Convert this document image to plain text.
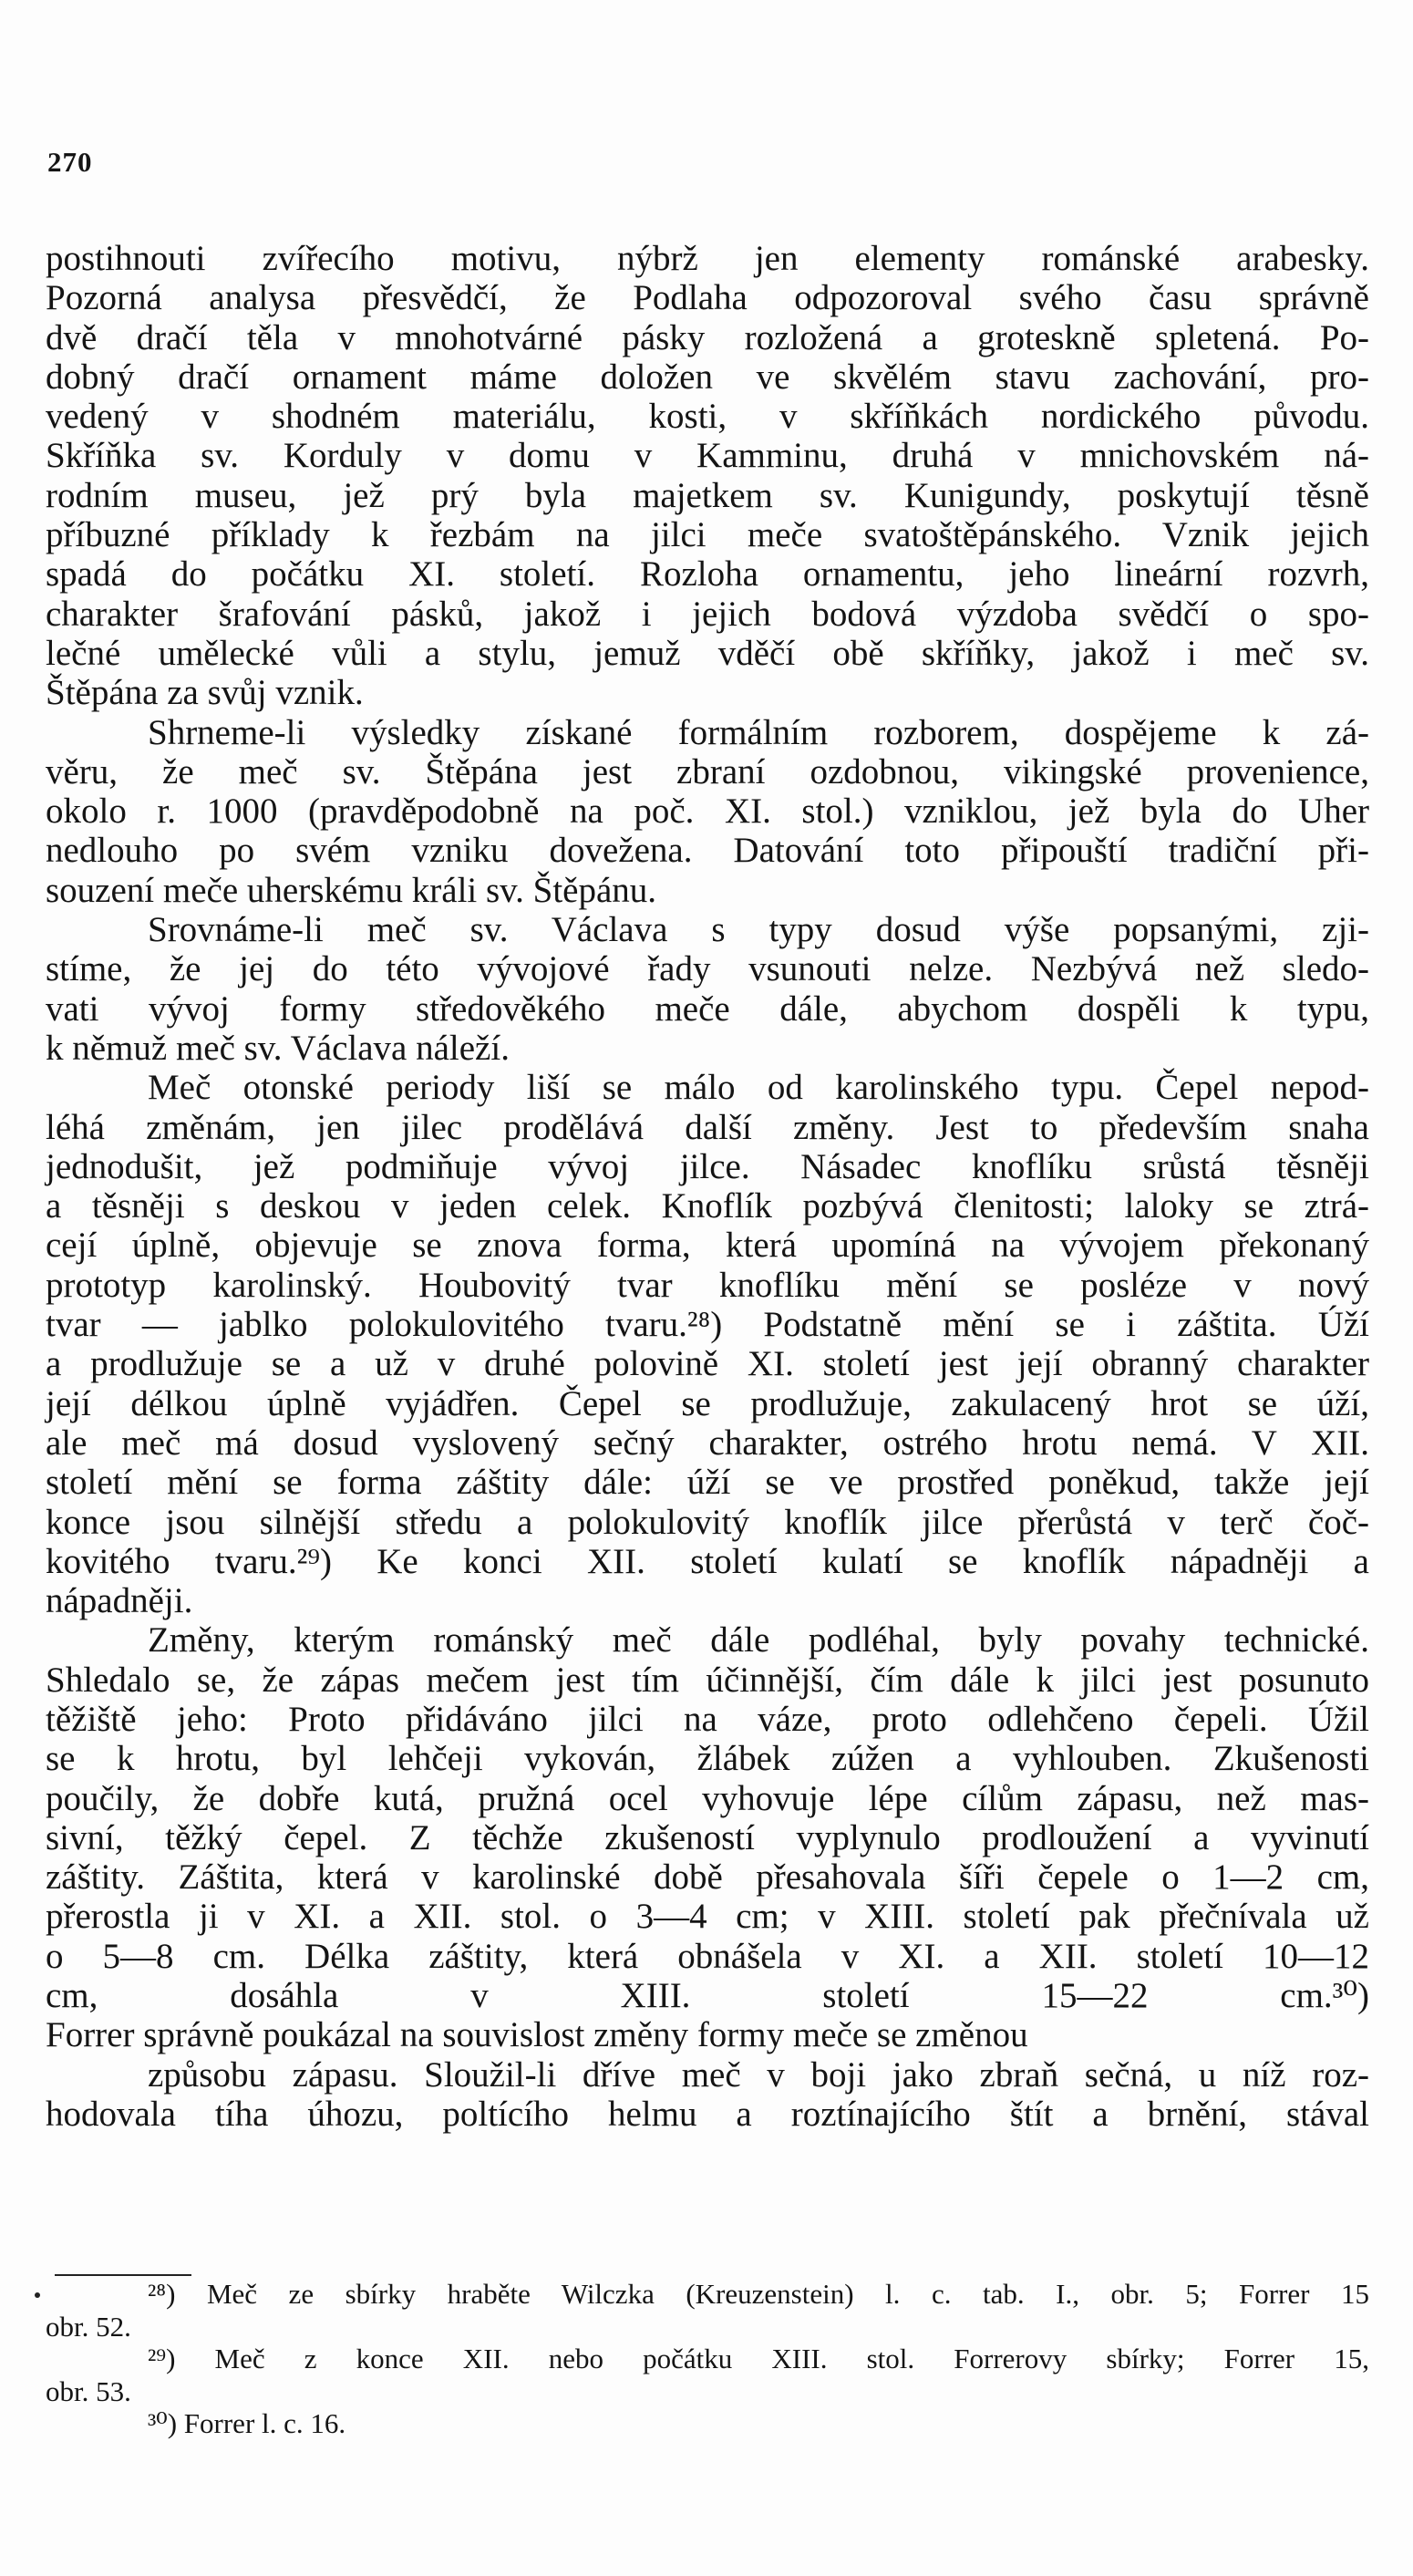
270
postihnouti zvířecího motivu, nýbrž jen elementy románské arabesky.
Pozorná analysa přesvědčí, že Podlaha odpozoroval svého času správně
dvě dračí těla v mnohotvárné pásky rozložená a groteskně spletená. Po-
dobný dračí ornament máme doložen ve skvělém stavu zachování, pro-
vedený v shodném materiálu, kosti, v skříňkách nordického původu.
Skříňka sv. Korduly v domu v Kamminu, druhá v mnichovském ná-
rodním museu, jež prý byla majetkem sv. Kunigundy, poskytují těsně
příbuzné příklady k řezbám na jilci meče svatoštěpánského. Vznik jejich
spadá do počátku XI. století. Rozloha ornamentu, jeho lineární rozvrh,
charakter šrafování pásků, jakož i jejich bodová výzdoba svědčí o spo-
lečné umělecké vůli a stylu, jemuž vděčí obě skříňky, jakož i meč sv.
Štěpána za svůj vznik.
Shrneme-li výsledky získané formálním rozborem, dospějeme k zá-
věru, že meč sv. Štěpána jest zbraní ozdobnou, vikingské provenience,
okolo r. 1000 (pravděpodobně na poč. XI. stol.) vzniklou, jež byla do Uher
nedlouho po svém vzniku dovežena. Datování toto připouští tradiční při-
souzení meče uherskému králi sv. Štěpánu.
Srovnáme-li meč sv. Václava s typy dosud výše popsanými, zji-
stíme, že jej do této vývojové řady vsunouti nelze. Nezbývá než sledo-
vati vývoj formy středověkého meče dále, abychom dospěli k typu,
k němuž meč sv. Václava náleží.
Meč otonské periody liší se málo od karolinského typu. Čepel nepod-
léhá změnám, jen jilec prodělává další změny. Jest to především snaha
jednodušit, jež podmiňuje vývoj jilce. Násadec knoflíku srůstá těsněji
a těsněji s deskou v jeden celek. Knoflík pozbývá členitosti; laloky se ztrá-
cejí úplně, objevuje se znova forma, která upomíná na vývojem překonaný
prototyp karolinský. Houbovitý tvar knoflíku mění se posléze v nový
tvar — jablko polokulovitého tvaru.²⁸) Podstatně mění se i záštita. Úží
a prodlužuje se a už v druhé polovině XI. století jest její obranný charakter
její délkou úplně vyjádřen. Čepel se prodlužuje, zakulacený hrot se úží,
ale meč má dosud vyslovený sečný charakter, ostrého hrotu nemá. V XII.
století mění se forma záštity dále: úží se ve prostřed poněkud, takže její
konce jsou silnější středu a polokulovitý knoflík jilce přerůstá v terč čoč-
kovitého tvaru.²⁹) Ke konci XII. století kulatí se knoflík nápadněji a
nápadněji.
Změny, kterým románský meč dále podléhal, byly povahy technické.
Shledalo se, že zápas mečem jest tím účinnější, čím dále k jilci jest posunuto
těžiště jeho: Proto přidáváno jilci na váze, proto odlehčeno čepeli. Úžil
se k hrotu, byl lehčeji vykován, žlábek zúžen a vyhloubеn. Zkušenosti
poučily, že dobře kutá, pružná ocel vyhovuje lépe cílům zápasu, než mas-
sivní, těžký čepel. Z těchže zkušeností vyplynulo prodloužení a vyvinutí
záštity. Záštita, která v karolinské době přesahovala šíři čepele o 1—2 cm,
přerostla ji v XI. a XII. stol. o 3—4 cm; v XIII. století pak přečnívala už
o 5—8 cm. Délka záštity, která obnášela v XI. a XII. století 10—12
cm, dosáhla v XIII. století 15—22 cm.³⁰)
Forrer správně poukázal na souvislost změny formy meče se změnou
způsobu zápasu. Sloužil-li dříve meč v boji jako zbraň sečná, u níž roz-
hodovala tíha úhozu, poltícího helmu a roztínajícího štít a brnění, stával
²⁸) Meč ze sbírky hraběte Wilczka (Kreuzenstein) l. c. tab. I., obr. 5; Forrer 15
obr. 52.
²⁹) Meč z konce XII. nebo počátku XIII. stol. Forrerovy sbírky; Forrer 15,
obr. 53.
³⁰) Forrer l. c. 16.
